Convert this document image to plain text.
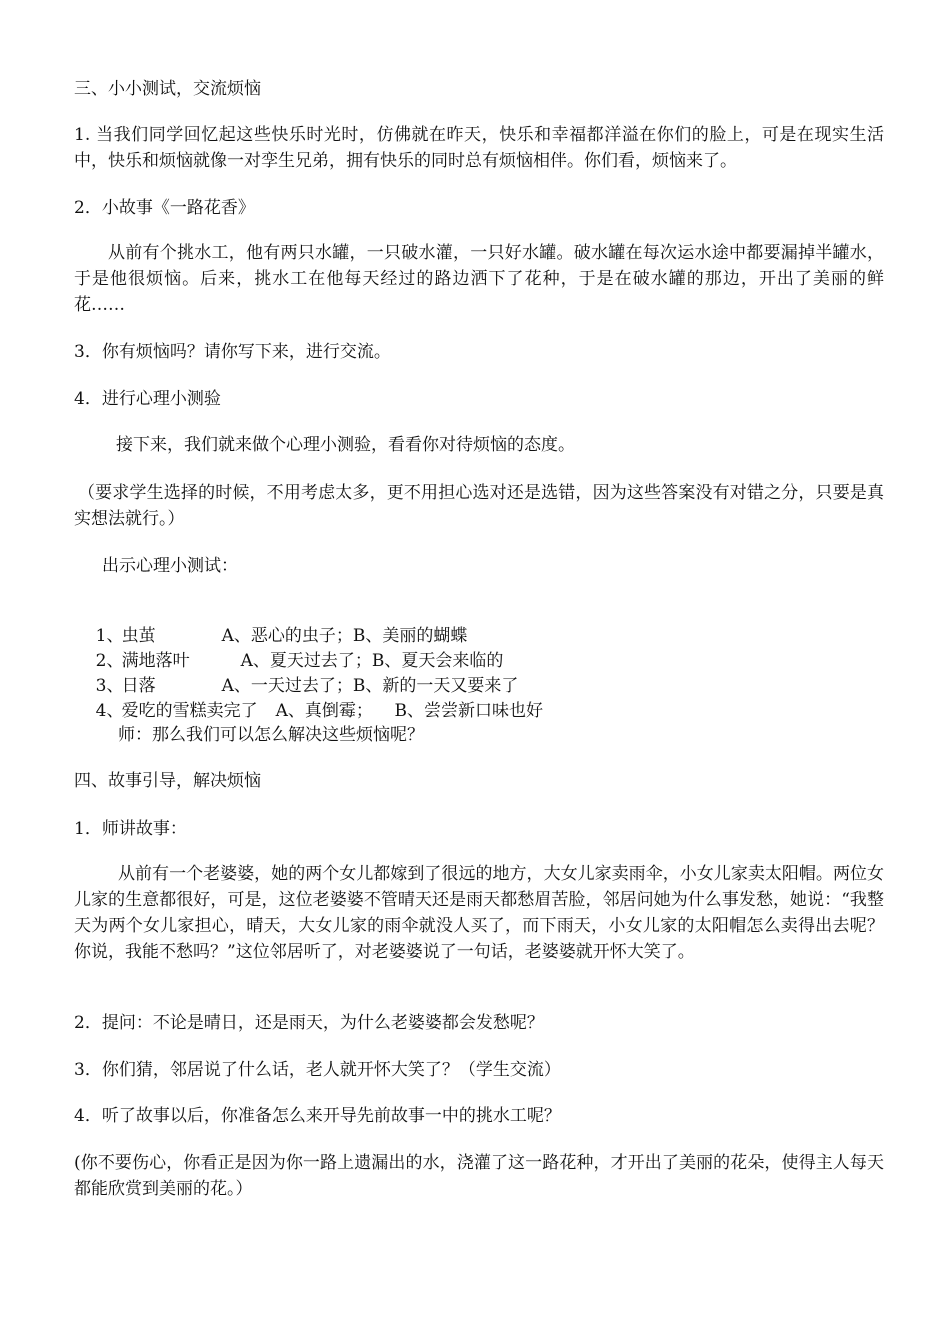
三、小小测试，交流烦恼
1. 当我们同学回忆起这些快乐时光时，仿佛就在昨天，快乐和幸福都洋溢在你们的脸上，可是在现实生活中，快乐和烦恼就像一对孪生兄弟，拥有快乐的同时总有烦恼相伴。你们看，烦恼来了。
2．小故事《一路花香》
从前有个挑水工，他有两只水罐，一只破水灌，一只好水罐。破水罐在每次运水途中都要漏掉半罐水，于是他很烦恼。后来，挑水工在他每天经过的路边洒下了花种，于是在破水罐的那边，开出了美丽的鲜花……
3．你有烦恼吗？请你写下来，进行交流。
4．进行心理小测验
接下来，我们就来做个心理小测验，看看你对待烦恼的态度。
（要求学生选择的时候，不用考虑太多，更不用担心选对还是选错，因为这些答案没有对错之分，只要是真实想法就行。）
出示心理小测试：

1、虫茧	A、恶心的虫子；B、美丽的蝴蝶

2、满地落叶	A、夏天过去了；B、夏天会来临的

3、日落	A、一天过去了；B、新的一天又要来了

4、爱吃的雪糕卖完了 A、真倒霉；    B、尝尝新口味也好

师：那么我们可以怎么解决这些烦恼呢？
四、故事引导，解决烦恼
1．师讲故事：
从前有一个老婆婆，她的两个女儿都嫁到了很远的地方，大女儿家卖雨伞，小女儿家卖太阳帽。两位女儿家的生意都很好，可是，这位老婆婆不管晴天还是雨天都愁眉苦脸，邻居问她为什么事发愁，她说：“我整天为两个女儿家担心，晴天，大女儿家的雨伞就没人买了，而下雨天，小女儿家的太阳帽怎么卖得出去呢？你说，我能不愁吗？”这位邻居听了，对老婆婆说了一句话，老婆婆就开怀大笑了。
2．提问：不论是晴日，还是雨天，为什么老婆婆都会发愁呢？
3．你们猜，邻居说了什么话，老人就开怀大笑了？（学生交流）
4．听了故事以后，你准备怎么来开导先前故事一中的挑水工呢？
(你不要伤心，你看正是因为你一路上遗漏出的水，浇灌了这一路花种，才开出了美丽的花朵，使得主人每天都能欣赏到美丽的花。）
